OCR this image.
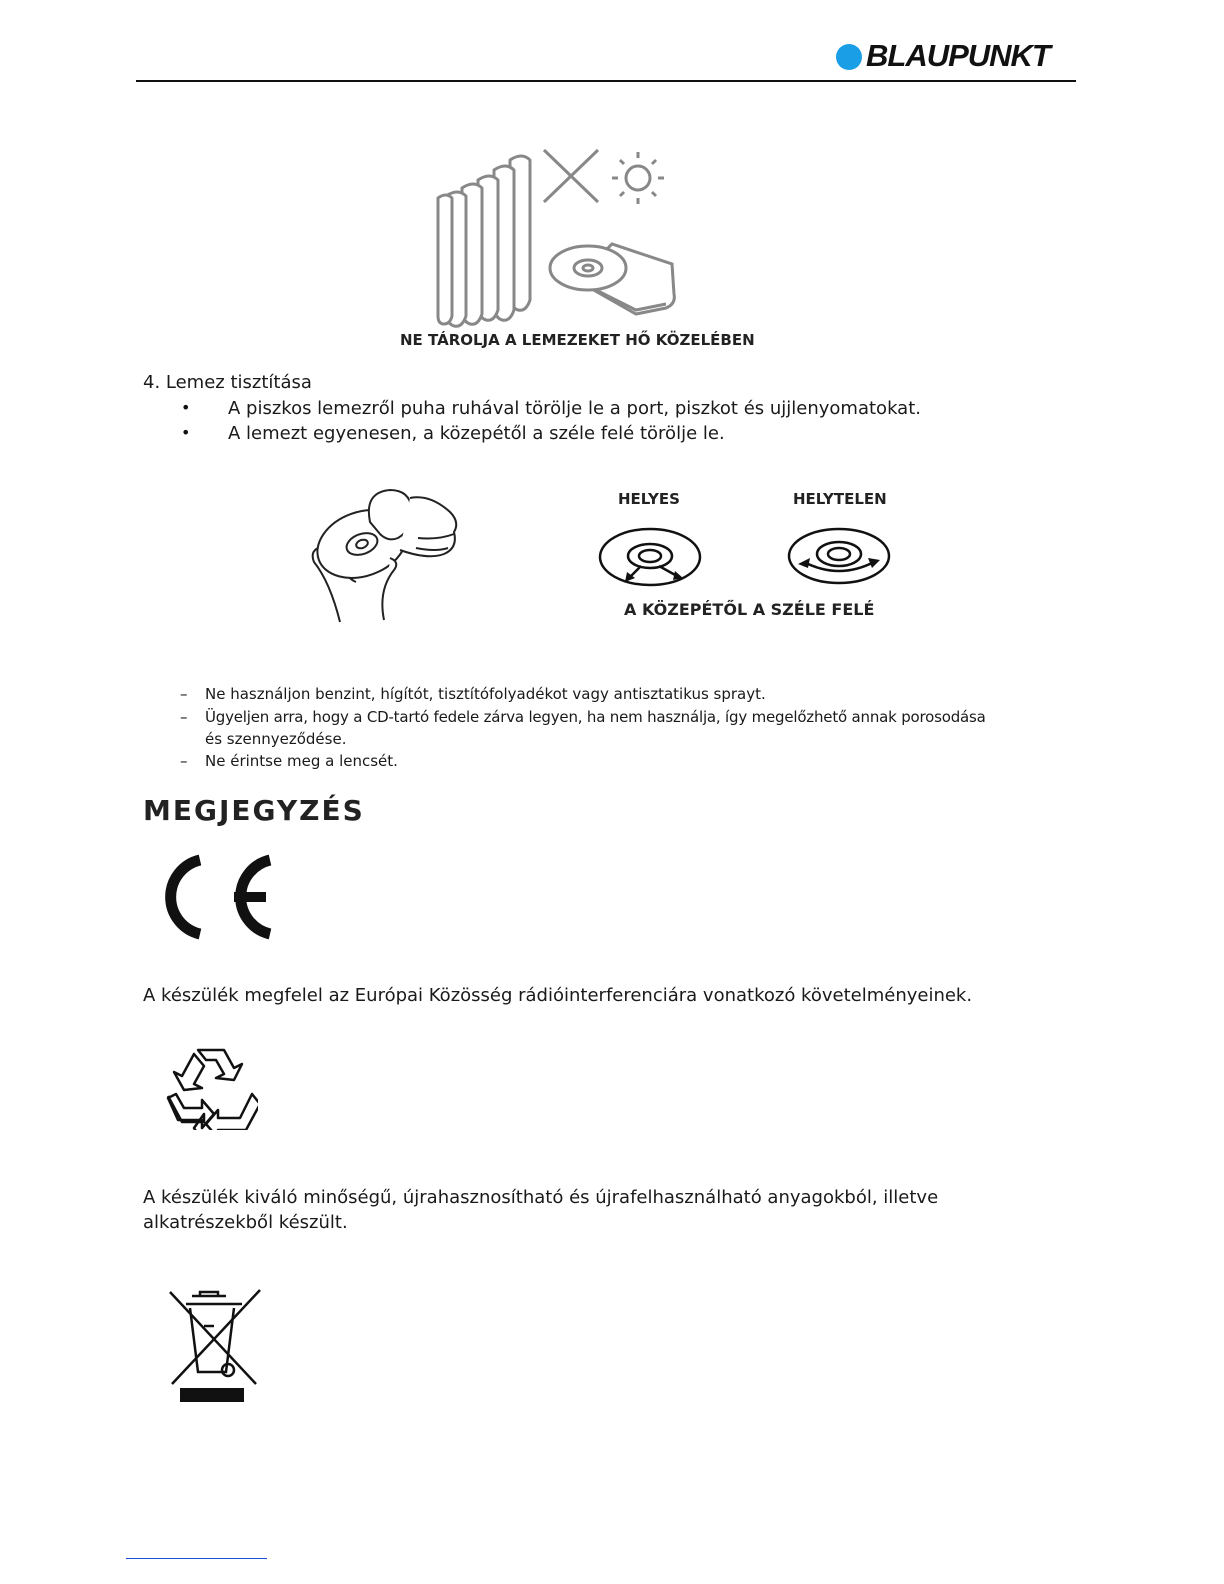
BLAUPUNKT
NE TÁROLJA A LEMEZEKET HŐ KÖZELÉBEN
4. Lemez tisztítása
• A piszkos lemezről puha ruhával törölje le a port, piszkot és ujjlenyomatokat.
• A lemezt egyenesen, a közepétől a széle felé törölje le.
HELYES	HELYTELEN
A KÖZEPÉTŐL A SZÉLE FELÉ
– Ne használjon benzint, hígítót, tisztítófolyadékot vagy antisztatikus sprayt.
– Ügyeljen arra, hogy a CD-tartó fedele zárva legyen, ha nem használja, így megelőzhető annak porosodása
és szennyeződése.
– Ne érintse meg a lencsét.
MEGJEGYZÉS
A készülék megfelel az Európai Közösség rádióinterferenciára vonatkozó követelményeinek.
A készülék kiváló minőségű, újrahasznosítható és újrafelhasználható anyagokból, illetve
alkatrészekből készült.
